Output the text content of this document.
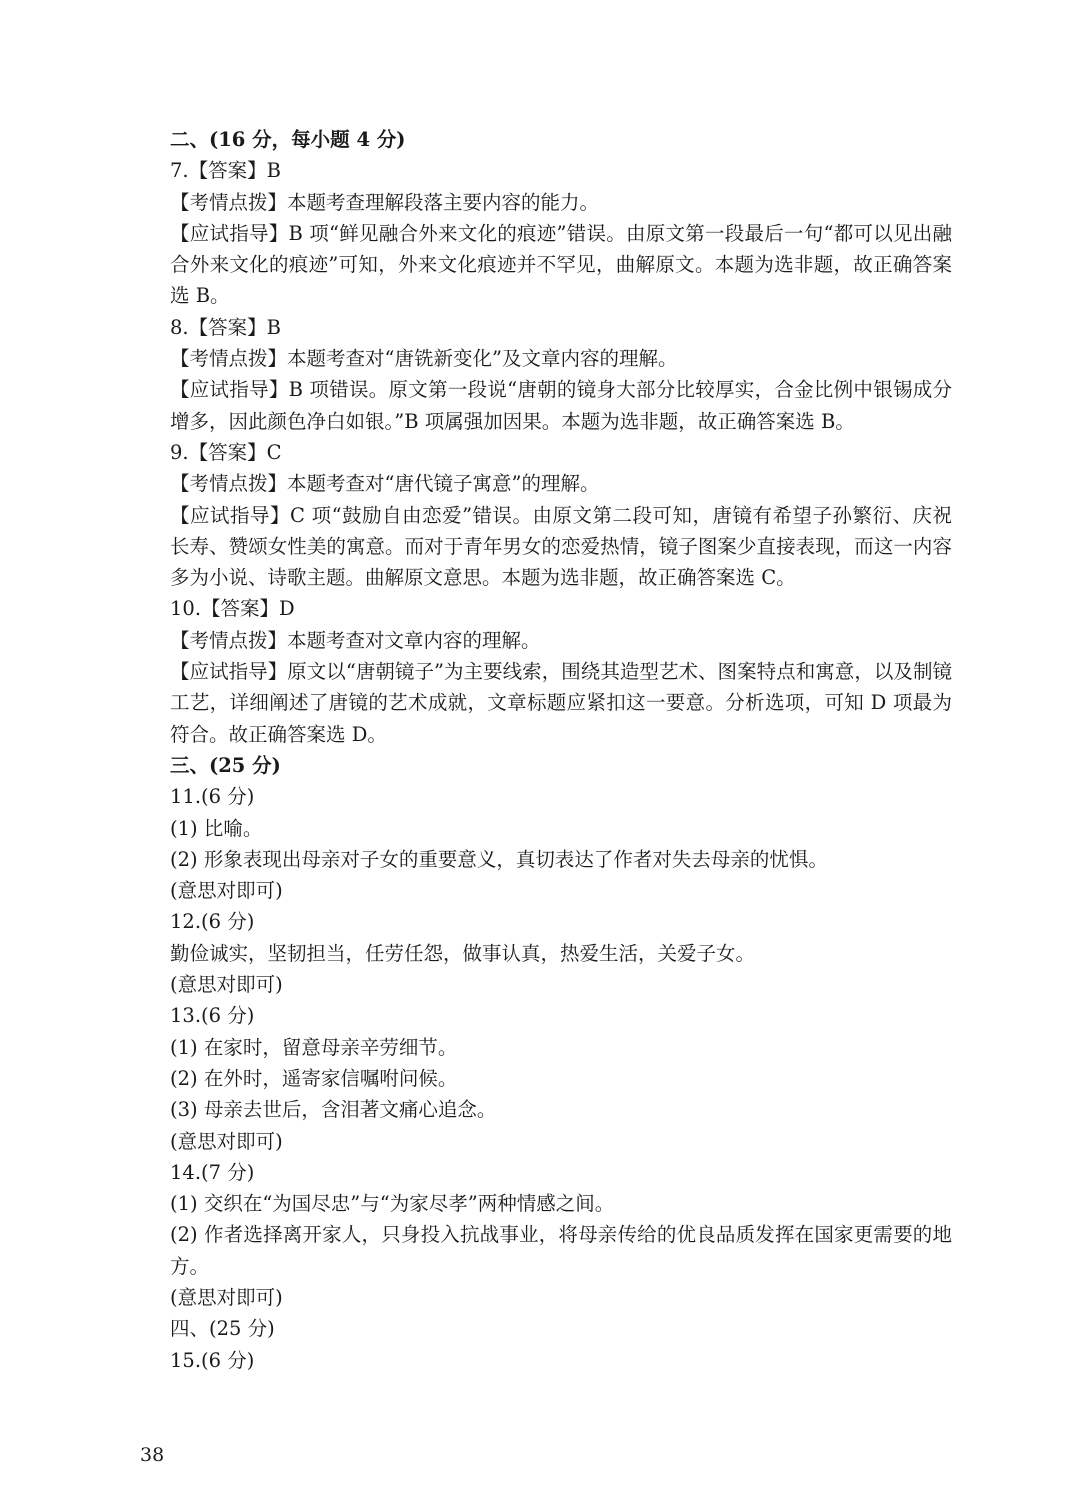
二、(16 分，每小题 4 分)
7.【答案】B
【考情点拨】本题考查理解段落主要内容的能力。
【应试指导】B 项“鲜见融合外来文化的痕迹”错误。由原文第一段最后一句“都可以见出融合外来文化的痕迹”可知，外来文化痕迹并不罕见，曲解原文。本题为选非题，故正确答案选 B。
8.【答案】B
【考情点拨】本题考查对“唐铣新变化”及文章内容的理解。
【应试指导】B 项错误。原文第一段说“唐朝的镜身大部分比较厚实，合金比例中银锡成分增多，因此颜色净白如银。”B 项属强加因果。本题为选非题，故正确答案选 B。
9.【答案】C
【考情点拨】本题考查对“唐代镜子寓意”的理解。
【应试指导】C 项“鼓励自由恋爱”错误。由原文第二段可知，唐镜有希望子孙繁衍、庆祝长寿、赞颂女性美的寓意。而对于青年男女的恋爱热情，镜子图案少直接表现，而这一内容多为小说、诗歌主题。曲解原文意思。本题为选非题，故正确答案选 C。
10.【答案】D
【考情点拨】本题考查对文章内容的理解。
【应试指导】原文以“唐朝镜子”为主要线索，围绕其造型艺术、图案特点和寓意，以及制镜工艺，详细阐述了唐镜的艺术成就，文章标题应紧扣这一要意。分析选项，可知 D 项最为符合。故正确答案选 D。
三、(25 分)
11.(6 分)
(1) 比喻。
(2) 形象表现出母亲对子女的重要意义，真切表达了作者对失去母亲的忧惧。
(意思对即可)
12.(6 分)
勤俭诚实，坚韧担当，任劳任怨，做事认真，热爱生活，关爱子女。
(意思对即可)
13.(6 分)
(1) 在家时，留意母亲辛劳细节。
(2) 在外时，遥寄家信嘱咐问候。
(3) 母亲去世后，含泪著文痛心追念。
(意思对即可)
14.(7 分)
(1) 交织在“为国尽忠”与“为家尽孝”两种情感之间。
(2) 作者选择离开家人，只身投入抗战事业，将母亲传给的优良品质发挥在国家更需要的地方。
(意思对即可)
四、(25 分)
15.(6 分)
38
